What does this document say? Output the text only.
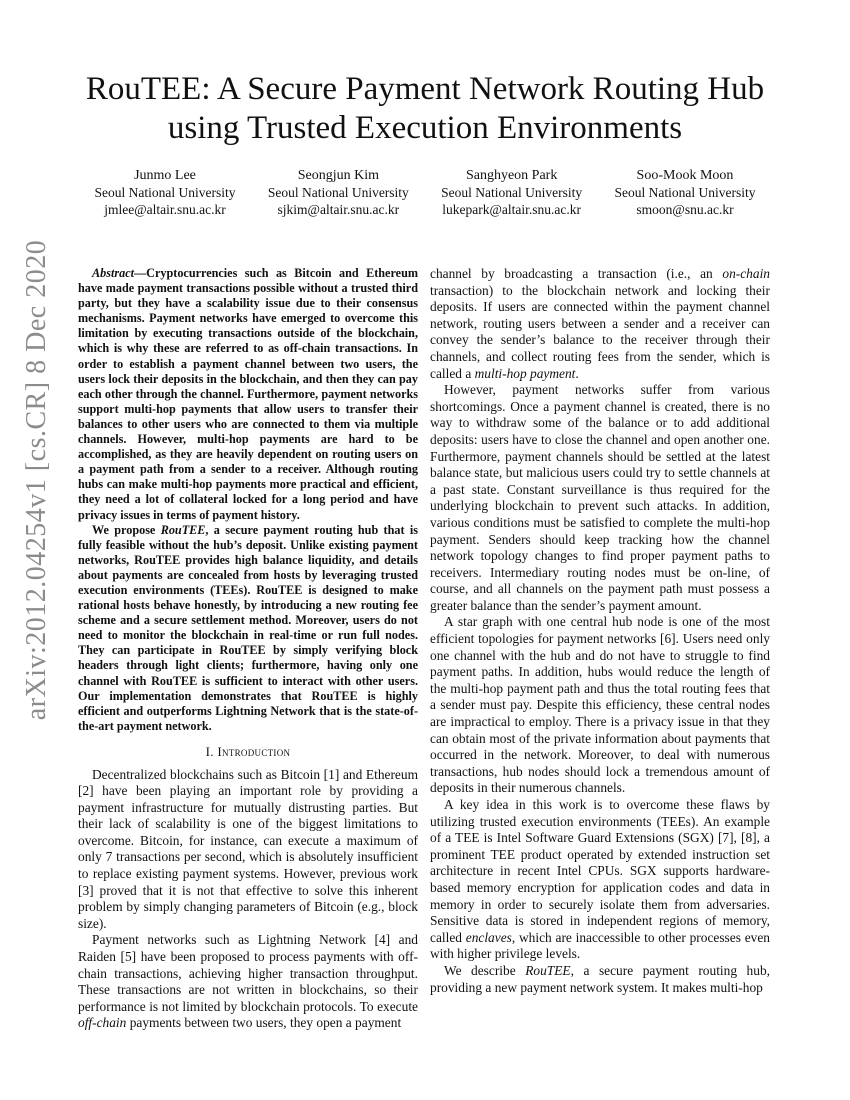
arXiv:2012.04254v1 [cs.CR] 8 Dec 2020
RouTEE: A Secure Payment Network Routing Hub using Trusted Execution Environments
Junmo Lee
Seoul National University
jmlee@altair.snu.ac.kr
Seongjun Kim
Seoul National University
sjkim@altair.snu.ac.kr
Sanghyeon Park
Seoul National University
lukepark@altair.snu.ac.kr
Soo-Mook Moon
Seoul National University
smoon@snu.ac.kr

Abstract—Cryptocurrencies such as Bitcoin and Ethereum have made payment transactions possible without a trusted third party, but they have a scalability issue due to their consensus mechanisms. Payment networks have emerged to overcome this limitation by executing transactions outside of the blockchain, which is why these are referred to as off-chain transactions. In order to establish a payment channel between two users, the users lock their deposits in the blockchain, and then they can pay each other through the channel. Furthermore, payment networks support multi-hop payments that allow users to transfer their balances to other users who are connected to them via multiple channels. However, multi-hop payments are hard to be accomplished, as they are heavily dependent on routing users on a payment path from a sender to a receiver. Although routing hubs can make multi-hop payments more practical and efficient, they need a lot of collateral locked for a long period and have privacy issues in terms of payment history.

We propose RouTEE, a secure payment routing hub that is fully feasible without the hub’s deposit. Unlike existing payment networks, RouTEE provides high balance liquidity, and details about payments are concealed from hosts by leveraging trusted execution environments (TEEs). RouTEE is designed to make rational hosts behave honestly, by introducing a new routing fee scheme and a secure settlement method. Moreover, users do not need to monitor the blockchain in real-time or run full nodes. They can participate in RouTEE by simply verifying block headers through light clients; furthermore, having only one channel with RouTEE is sufficient to interact with other users. Our implementation demonstrates that RouTEE is highly efficient and outperforms Lightning Network that is the state-of-the-art payment network.

I. Introduction

Decentralized blockchains such as Bitcoin [1] and Ethereum [2] have been playing an important role by providing a payment infrastructure for mutually distrusting parties. But their lack of scalability is one of the biggest limitations to overcome. Bitcoin, for instance, can execute a maximum of only 7 transactions per second, which is absolutely insufficient to replace existing payment systems. However, previous work [3] proved that it is not that effective to solve this inherent problem by simply changing parameters of Bitcoin (e.g., block size).

Payment networks such as Lightning Network [4] and Raiden [5] have been proposed to process payments with off-chain transactions, achieving higher transaction throughput. These transactions are not written in blockchains, so their performance is not limited by blockchain protocols. To execute off-chain payments between two users, they open a payment

channel by broadcasting a transaction (i.e., an on-chain transaction) to the blockchain network and locking their deposits. If users are connected within the payment channel network, routing users between a sender and a receiver can convey the sender’s balance to the receiver through their channels, and collect routing fees from the sender, which is called a multi-hop payment.

However, payment networks suffer from various shortcomings. Once a payment channel is created, there is no way to withdraw some of the balance or to add additional deposits: users have to close the channel and open another one. Furthermore, payment channels should be settled at the latest balance state, but malicious users could try to settle channels at a past state. Constant surveillance is thus required for the underlying blockchain to prevent such attacks. In addition, various conditions must be satisfied to complete the multi-hop payment. Senders should keep tracking how the channel network topology changes to find proper payment paths to receivers. Intermediary routing nodes must be on-line, of course, and all channels on the payment path must possess a greater balance than the sender’s payment amount.

A star graph with one central hub node is one of the most efficient topologies for payment networks [6]. Users need only one channel with the hub and do not have to struggle to find payment paths. In addition, hubs would reduce the length of the multi-hop payment path and thus the total routing fees that a sender must pay. Despite this efficiency, these central nodes are impractical to employ. There is a privacy issue in that they can obtain most of the private information about payments that occurred in the network. Moreover, to deal with numerous transactions, hub nodes should lock a tremendous amount of deposits in their numerous channels.

A key idea in this work is to overcome these flaws by utilizing trusted execution environments (TEEs). An example of a TEE is Intel Software Guard Extensions (SGX) [7], [8], a prominent TEE product operated by extended instruction set architecture in recent Intel CPUs. SGX supports hardware-based memory encryption for application codes and data in memory in order to securely isolate them from adversaries. Sensitive data is stored in independent regions of memory, called enclaves, which are inaccessible to other processes even with higher privilege levels.

We describe RouTEE, a secure payment routing hub, providing a new payment network system. It makes multi-hop
